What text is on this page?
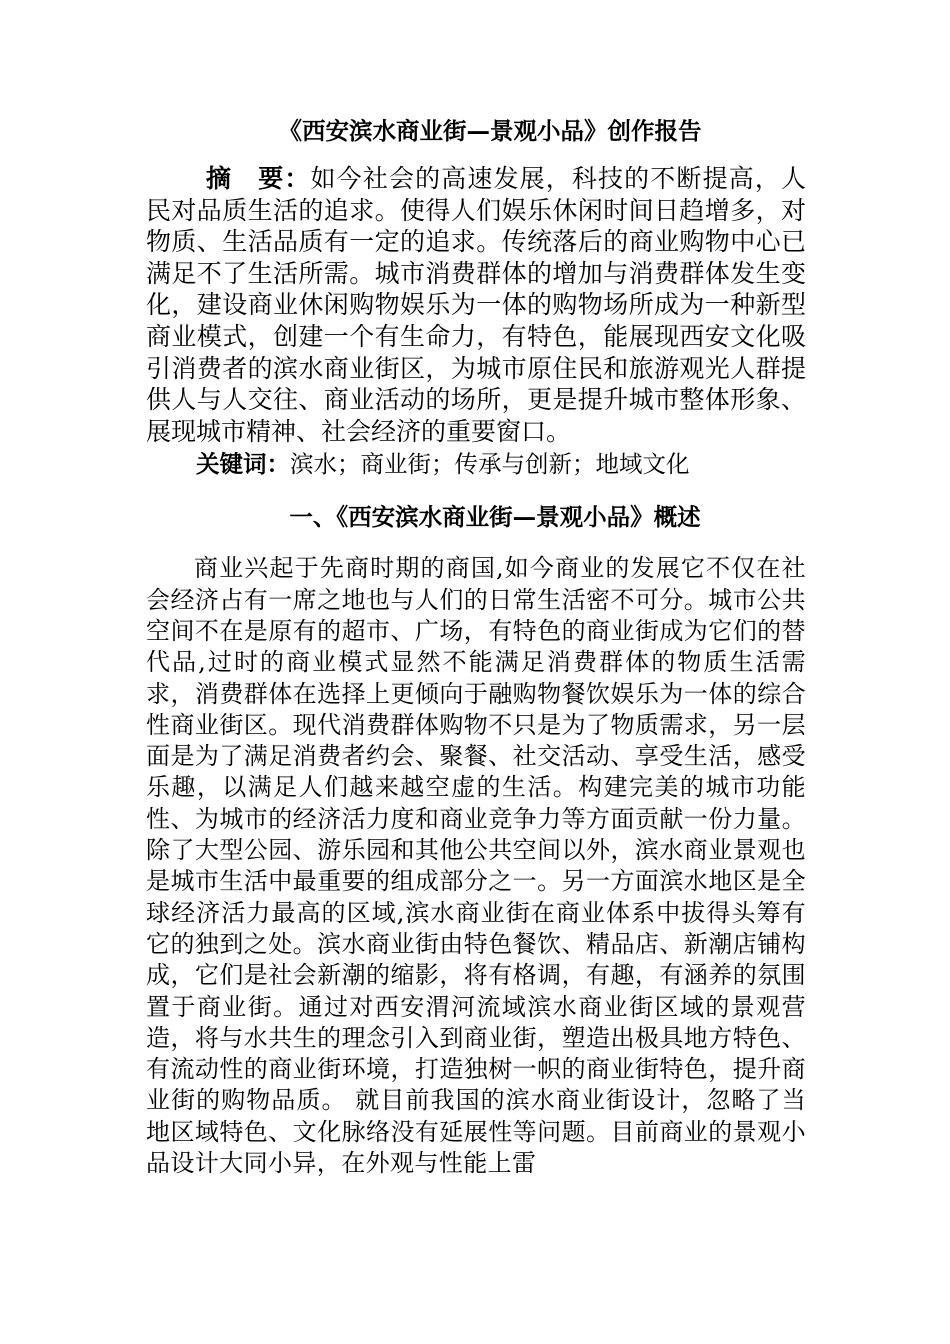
《西安滨水商业街—景观小品》创作报告

摘　要：如今社会的高速发展，科技的不断提高，人民对品质生活的追求。使得人们娱乐休闲时间日趋增多，对物质、生活品质有一定的追求。传统落后的商业购物中心已满足不了生活所需。城市消费群体的增加与消费群体发生变化，建设商业休闲购物娱乐为一体的购物场所成为一种新型商业模式，创建一个有生命力，有特色，能展现西安文化吸引消费者的滨水商业街区，为城市原住民和旅游观光人群提供人与人交往、商业活动的场所，更是提升城市整体形象、展现城市精神、社会经济的重要窗口。

关键词：滨水；商业街；传承与创新；地域文化

一、《西安滨水商业街—景观小品》概述

商业兴起于先商时期的商国,如今商业的发展它不仅在社会经济占有一席之地也与人们的日常生活密不可分。城市公共空间不在是原有的超市、广场，有特色的商业街成为它们的替代品,过时的商业模式显然不能满足消费群体的物质生活需求，消费群体在选择上更倾向于融购物餐饮娱乐为一体的综合性商业街区。现代消费群体购物不只是为了物质需求，另一层面是为了满足消费者约会、聚餐、社交活动、享受生活，感受乐趣，以满足人们越来越空虚的生活。构建完美的城市功能性、为城市的经济活力度和商业竞争力等方面贡献一份力量。除了大型公园、游乐园和其他公共空间以外，滨水商业景观也是城市生活中最重要的组成部分之一。另一方面滨水地区是全球经济活力最高的区域,滨水商业街在商业体系中拔得头筹有它的独到之处。滨水商业街由特色餐饮、精品店、新潮店铺构成，它们是社会新潮的缩影，将有格调，有趣，有涵养的氛围置于商业街。通过对西安渭河流域滨水商业街区域的景观营造，将与水共生的理念引入到商业街，塑造出极具地方特色、有流动性的商业街环境，打造独树一帜的商业街特色，提升商业街的购物品质。 就目前我国的滨水商业街设计，忽略了当地区域特色、文化脉络没有延展性等问题。目前商业的景观小品设计大同小异，在外观与性能上雷
